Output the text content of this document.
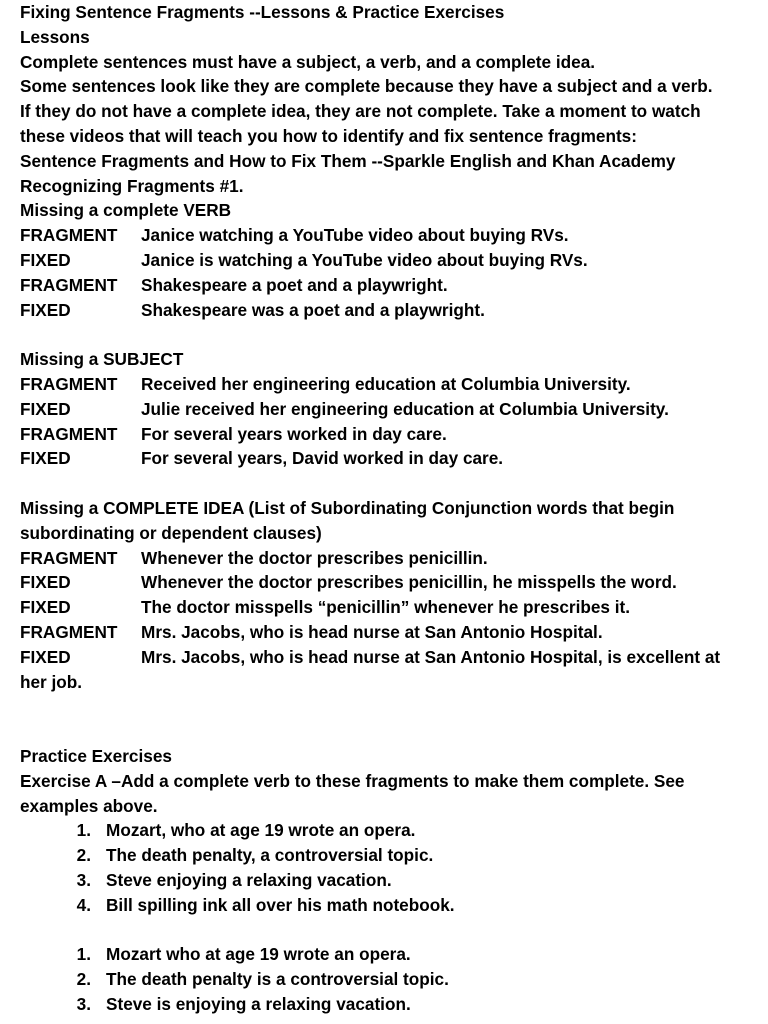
Fixing Sentence Fragments --Lessons & Practice Exercises
Lessons
Complete sentences must have a subject, a verb, and a complete idea.
Some sentences look like they are complete because they have a subject and a verb.
If they do not have a complete idea, they are not complete. Take a moment to watch
these videos that will teach you how to identify and fix sentence fragments:
Sentence Fragments and How to Fix Them --Sparkle English and Khan Academy
Recognizing Fragments #1.
Missing a complete VERB
FRAGMENT Janice watching a YouTube video about buying RVs.
FIXED	Janice is watching a YouTube video about buying RVs.
FRAGMENT Shakespeare a poet and a playwright.
FIXED	Shakespeare was a poet and a playwright.
Missing a SUBJECT
FRAGMENT Received her engineering education at Columbia University.
FIXED	Julie received her engineering education at Columbia University.
FRAGMENT For several years worked in day care.
FIXED	For several years, David worked in day care.
Missing a COMPLETE IDEA (List of Subordinating Conjunction words that begin
subordinating or dependent clauses)
FRAGMENT Whenever the doctor prescribes penicillin.
FIXED	Whenever the doctor prescribes penicillin, he misspells the word.
FIXED	The doctor misspells “penicillin” whenever he prescribes it.
FRAGMENT Mrs. Jacobs, who is head nurse at San Antonio Hospital.
FIXED	Mrs. Jacobs, who is head nurse at San Antonio Hospital, is excellent at
her job.
Practice Exercises
Exercise A –Add a complete verb to these fragments to make them complete. See
examples above.
1. Mozart, who at age 19 wrote an opera.
2. The death penalty, a controversial topic.
3. Steve enjoying a relaxing vacation.
4. Bill spilling ink all over his math notebook.
1. Mozart who at age 19 wrote an opera.
2. The death penalty is a controversial topic.
3. Steve is enjoying a relaxing vacation.
